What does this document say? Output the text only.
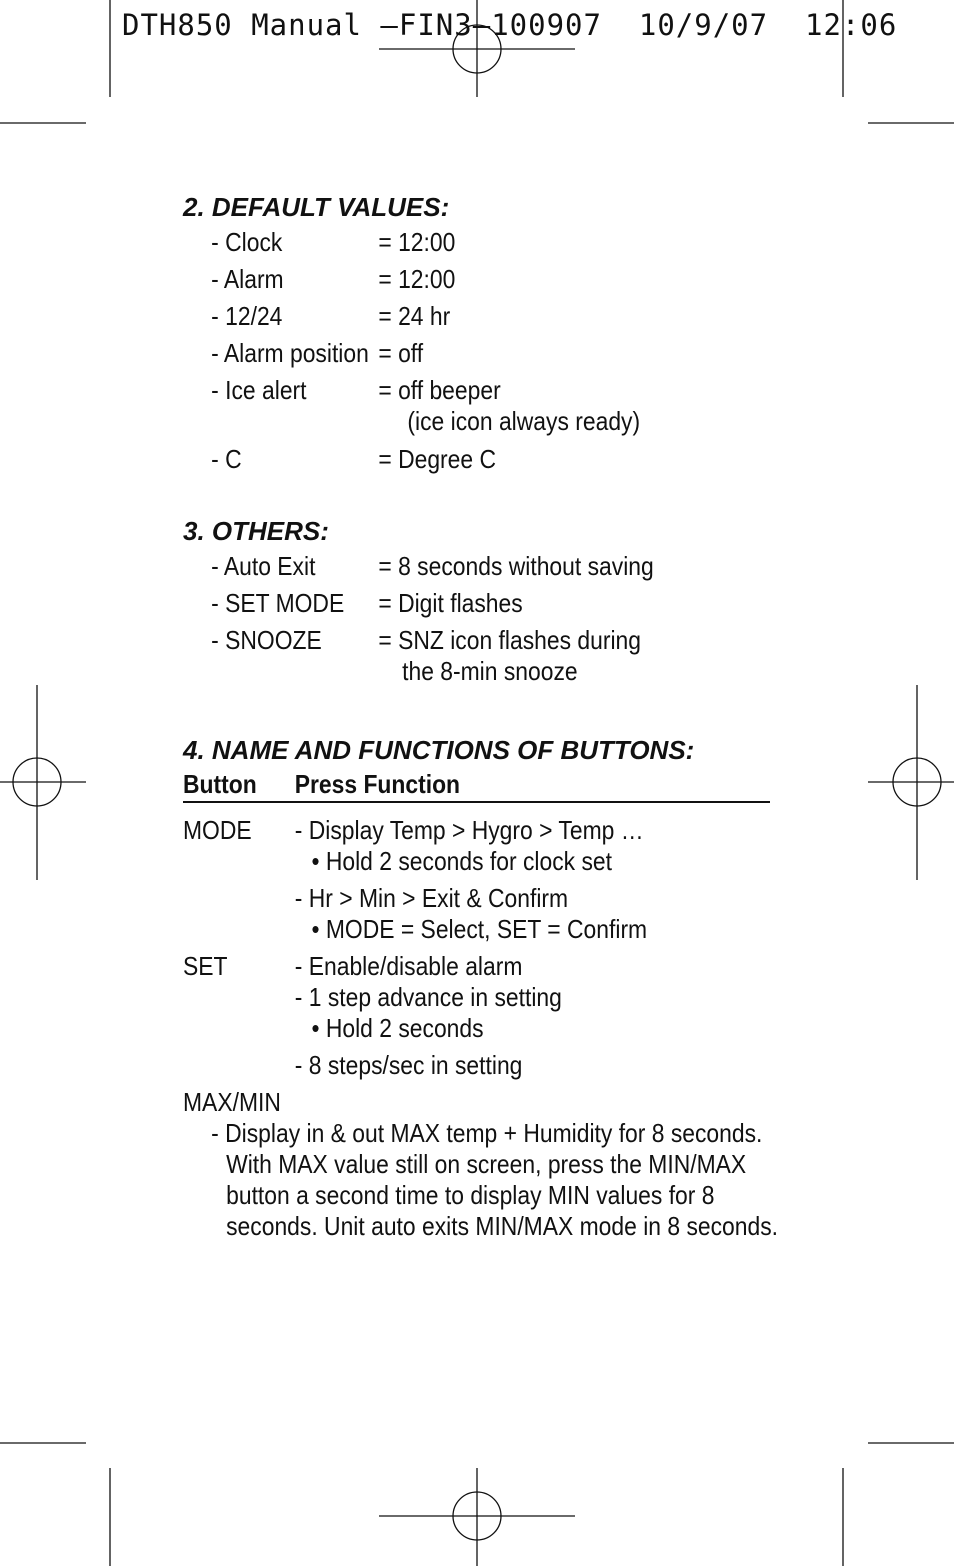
DTH850 Manual –FIN3–100907  10/9/07  12:06
2. DEFAULT VALUES:
- Clock	= 12:00
- Alarm	= 12:00
- 12/24	= 24 hr
- Alarm position = off
- Ice alert	= off beeper
(ice icon always ready)
- C	= Degree C
3. OTHERS:
- Auto Exit = 8 seconds without saving
- SET MODE = Digit flashes
- SNOOZE = SNZ icon flashes during
the 8-min snooze
4. NAME AND FUNCTIONS OF BUTTONS:
Button Press Function
MODE - Display Temp > Hygro > Temp …
• Hold 2 seconds for clock set
- Hr > Min > Exit & Confirm
• MODE = Select, SET = Confirm
SET	- Enable/disable alarm
- 1 step advance in setting
• Hold 2 seconds
- 8 steps/sec in setting
MAX/MIN
- Display in & out MAX temp + Humidity for 8 seconds. With MAX value still on screen, press the MIN/MAX button a second time to display MIN values for 8 seconds. Unit auto exits MIN/MAX mode in 8 seconds.
